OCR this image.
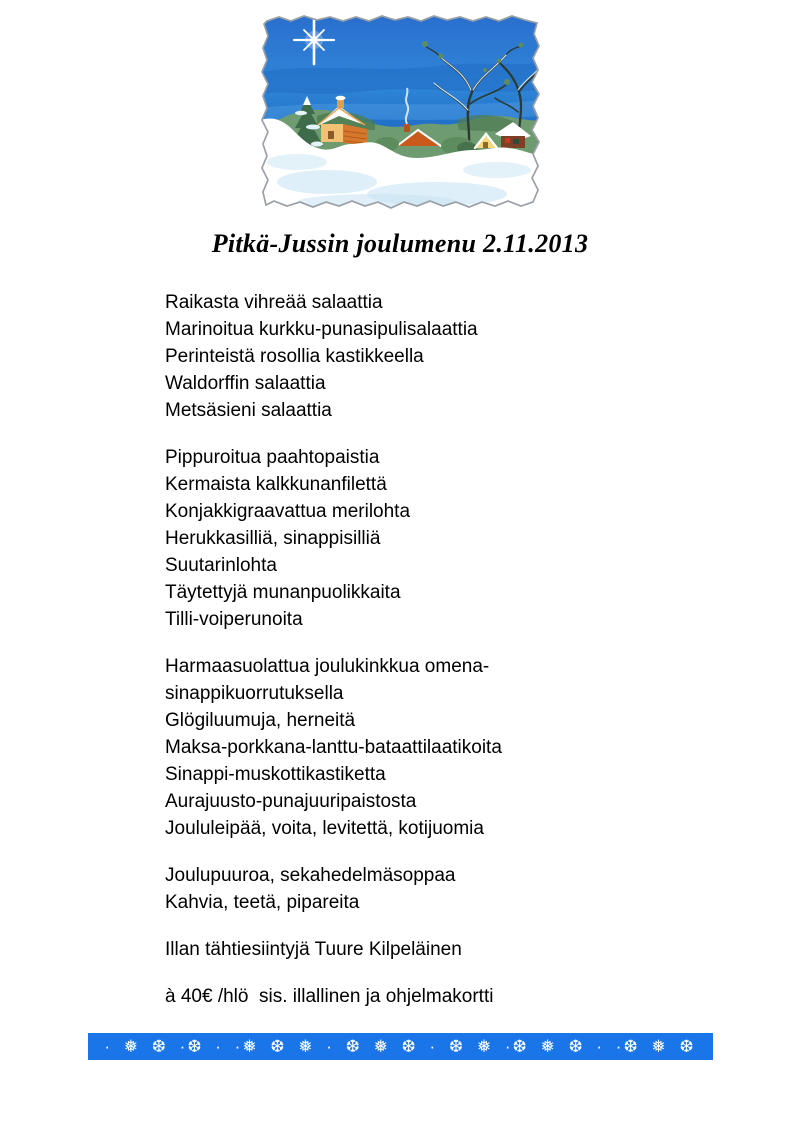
Pitkä-Jussin joulumenu 2.11.2013
Raikasta vihreää salaattia
Marinoitua kurkku-punasipulisalaattia
Perinteistä rosollia kastikkeella
Waldorffin salaattia
Metsäsieni salaattia
Pippuroitua paahtopaistia
Kermaista kalkkunanfilettä
Konjakkigraavattua merilohta
Herukkasilliä, sinappisilliä
Suutarinlohta
Täytettyjä munanpuolikkaita
Tilli-voiperunoita
Harmaasuolattua joulukinkkua omena-
sinappikuorrutuksella
Glögiluumuja, herneitä
Maksa-porkkana-lanttu-bataattilaatikoita
Sinappi-muskottikastiketta
Aurajuusto-punajuuripaistosta
Joululeipää, voita, levitettä, kotijuomia
Joulupuuroa, sekahedelmäsoppaa
Kahvia, teetä, pipareita
Illan tähtiesiintyjä Tuure Kilpeläinen
à 40€ /hlö  sis. illallinen ja ohjelmakortti
· ❅ ❆ ·❆ · ·❅ ❆ ❅ · ❆ ❅ ❆ · ❆ ❅ ·❆ ❅ ❆ · ·❆ ❅ ❆
